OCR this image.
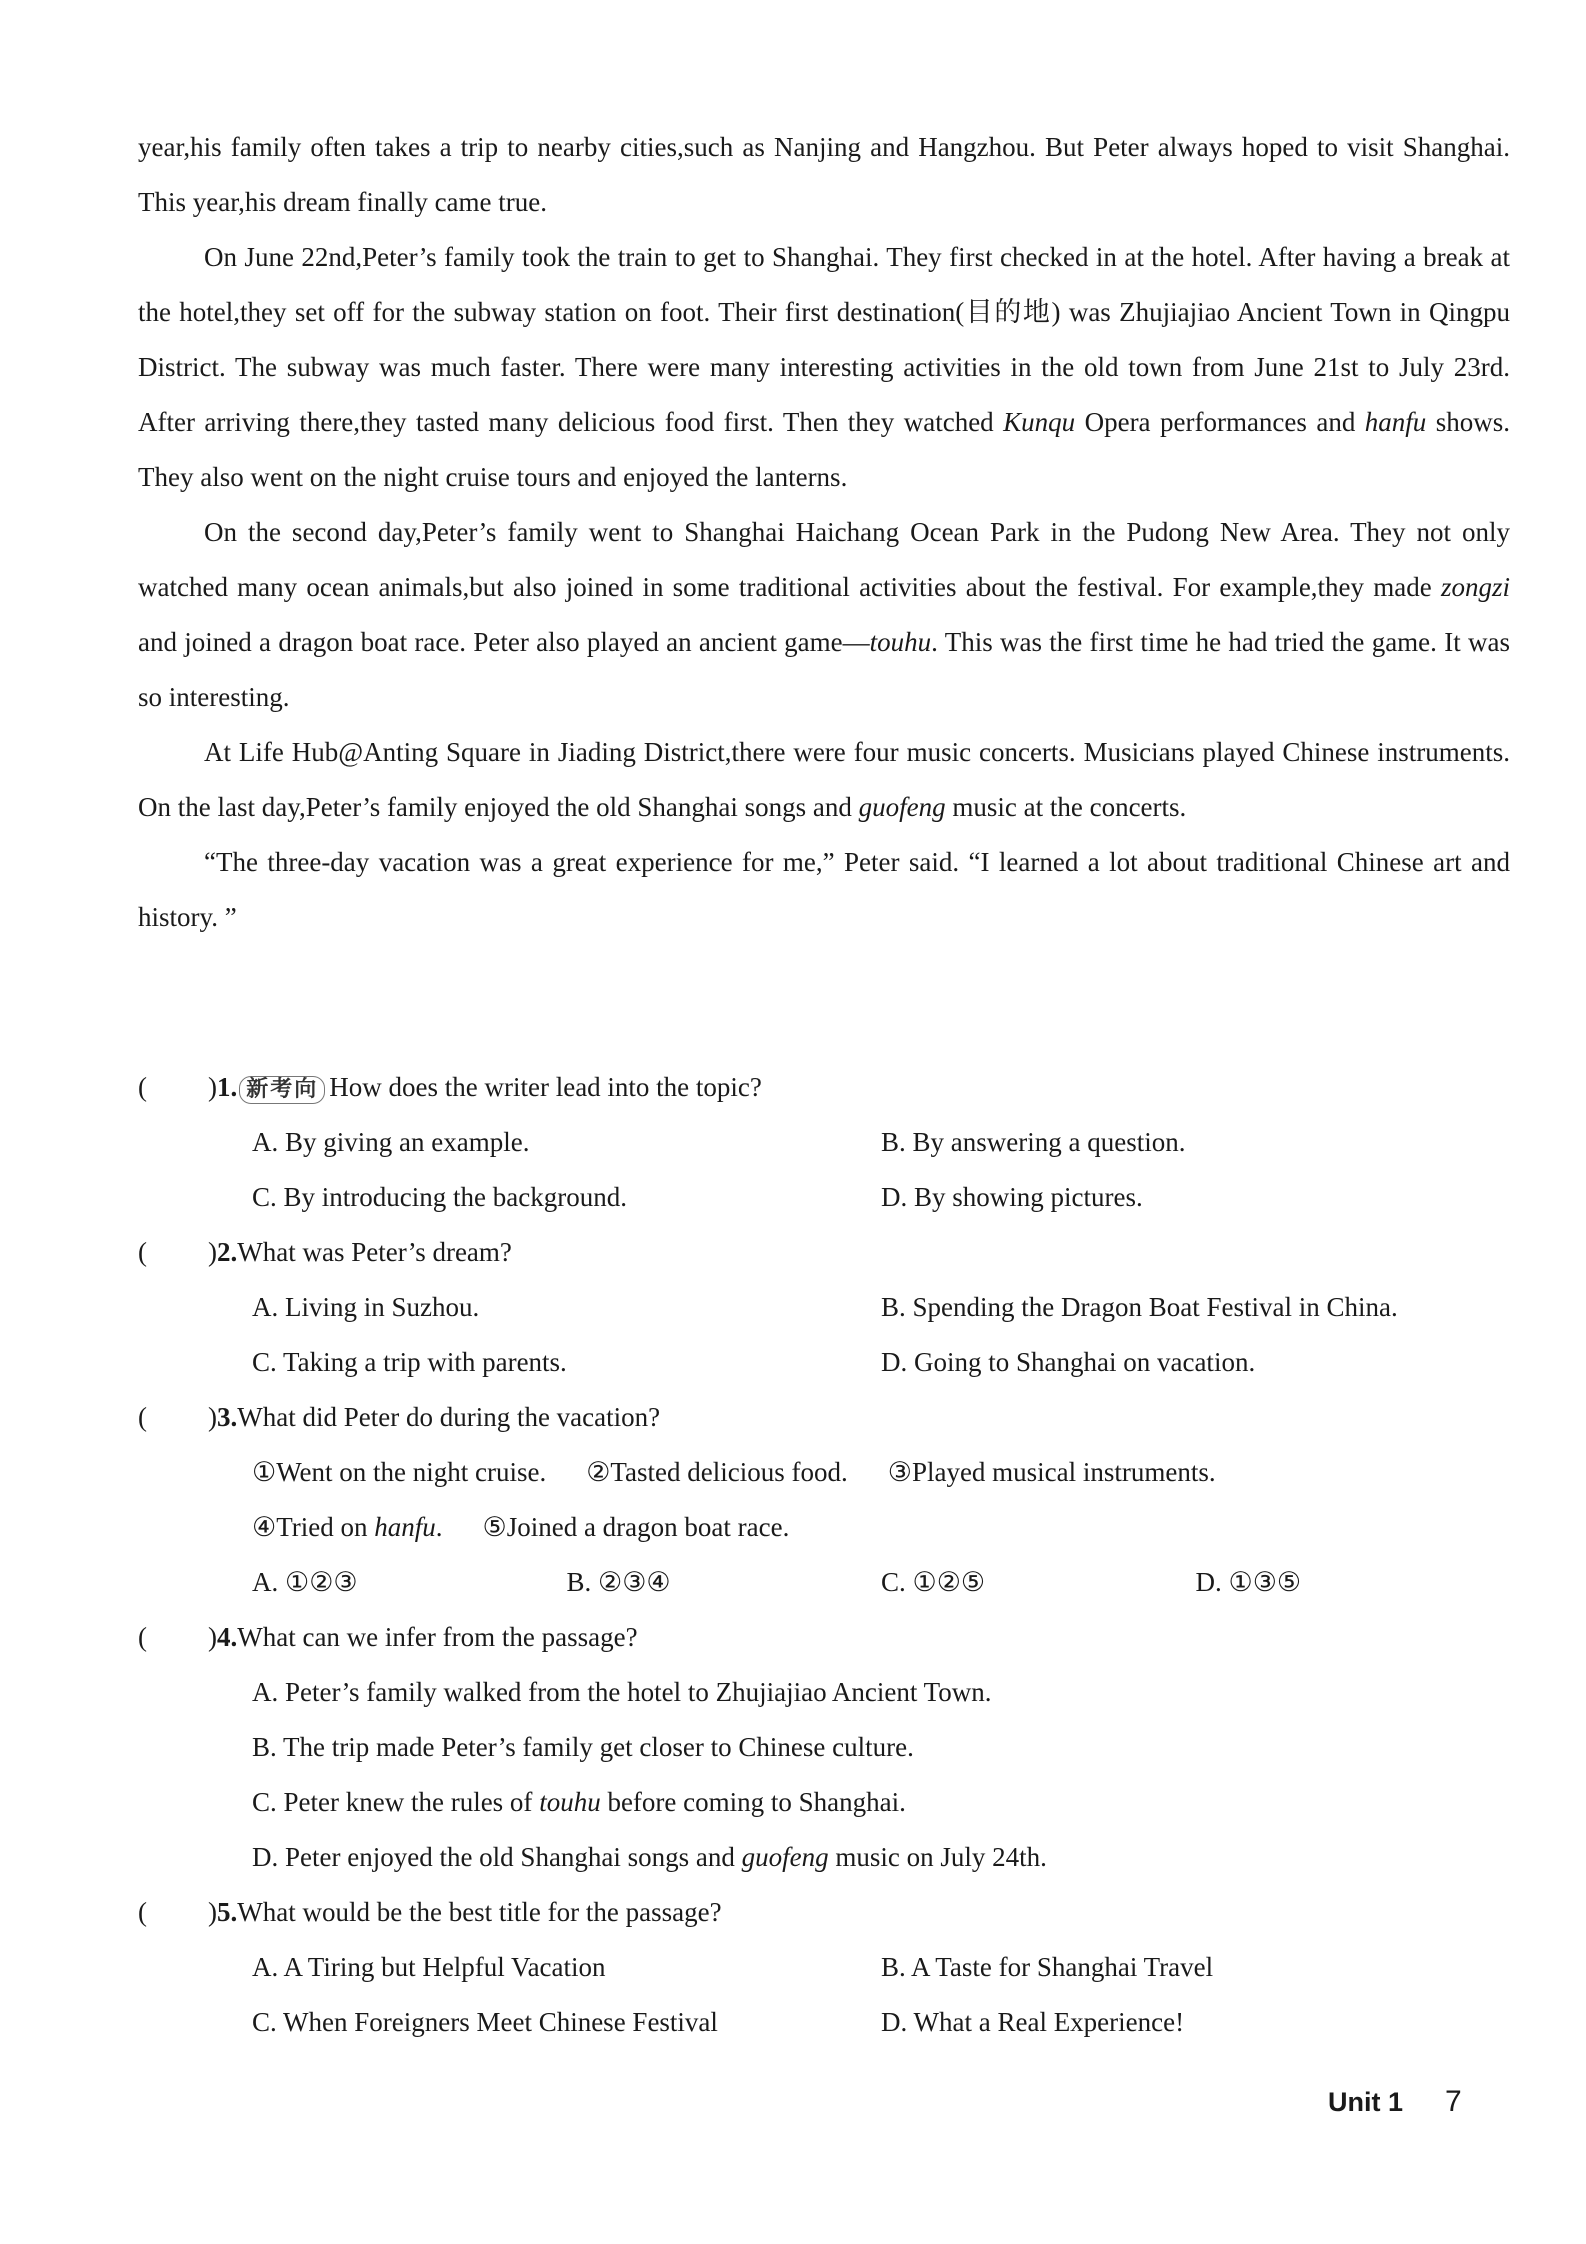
year,his family often takes a trip to nearby cities,such as Nanjing and Hangzhou. But Peter always hoped to visit Shanghai. This year,his dream finally came true.

On June 22nd,Peter’s family took the train to get to Shanghai. They first checked in at the hotel. After having a break at the hotel,they set off for the subway station on foot. Their first destination(目的地) was Zhujiajiao Ancient Town in Qingpu District. The subway was much faster. There were many interesting activities in the old town from June 21st to July 23rd. After arriving there,they tasted many delicious food first. Then they watched Kunqu Opera performances and hanfu shows. They also went on the night cruise tours and enjoyed the lanterns.

On the second day,Peter’s family went to Shanghai Haichang Ocean Park in the Pudong New Area. They not only watched many ocean animals,but also joined in some traditional activities about the festival. For example,they made zongzi and joined a dragon boat race. Peter also played an ancient game—touhu. This was the first time he had tried the game. It was so interesting.

At Life Hub@Anting Square in Jiading District,there were four music concerts. Musicians played Chinese instruments. On the last day,Peter’s family enjoyed the old Shanghai songs and guofeng music at the concerts.

“The three-day vacation was a great experience for me,” Peter said. “I learned a lot about traditional Chinese art and history. ”

(	) 1. 新考向 How does the writer lead into the topic?
A. By giving an example.	B. By answering a question.
C. By introducing the background.	D. By showing pictures.
(	) 2. What was Peter’s dream?
A. Living in Suzhou.	B. Spending the Dragon Boat Festival in China.
C. Taking a trip with parents.	D. Going to Shanghai on vacation.
(	) 3. What did Peter do during the vacation?
①Went on the night cruise. ②Tasted delicious food. ③Played musical instruments.
④Tried on hanfu. ⑤Joined a dragon boat race.
A. ①②③	B. ②③④	C. ①②⑤	D. ①③⑤
(	) 4. What can we infer from the passage?
A. Peter’s family walked from the hotel to Zhujiajiao Ancient Town.
B. The trip made Peter’s family get closer to Chinese culture.
C. Peter knew the rules of touhu before coming to Shanghai.
D. Peter enjoyed the old Shanghai songs and guofeng music on July 24th.
(	) 5. What would be the best title for the passage?
A. A Tiring but Helpful Vacation	B. A Taste for Shanghai Travel
C. When Foreigners Meet Chinese Festival	D. What a Real Experience!
Unit 1 7
